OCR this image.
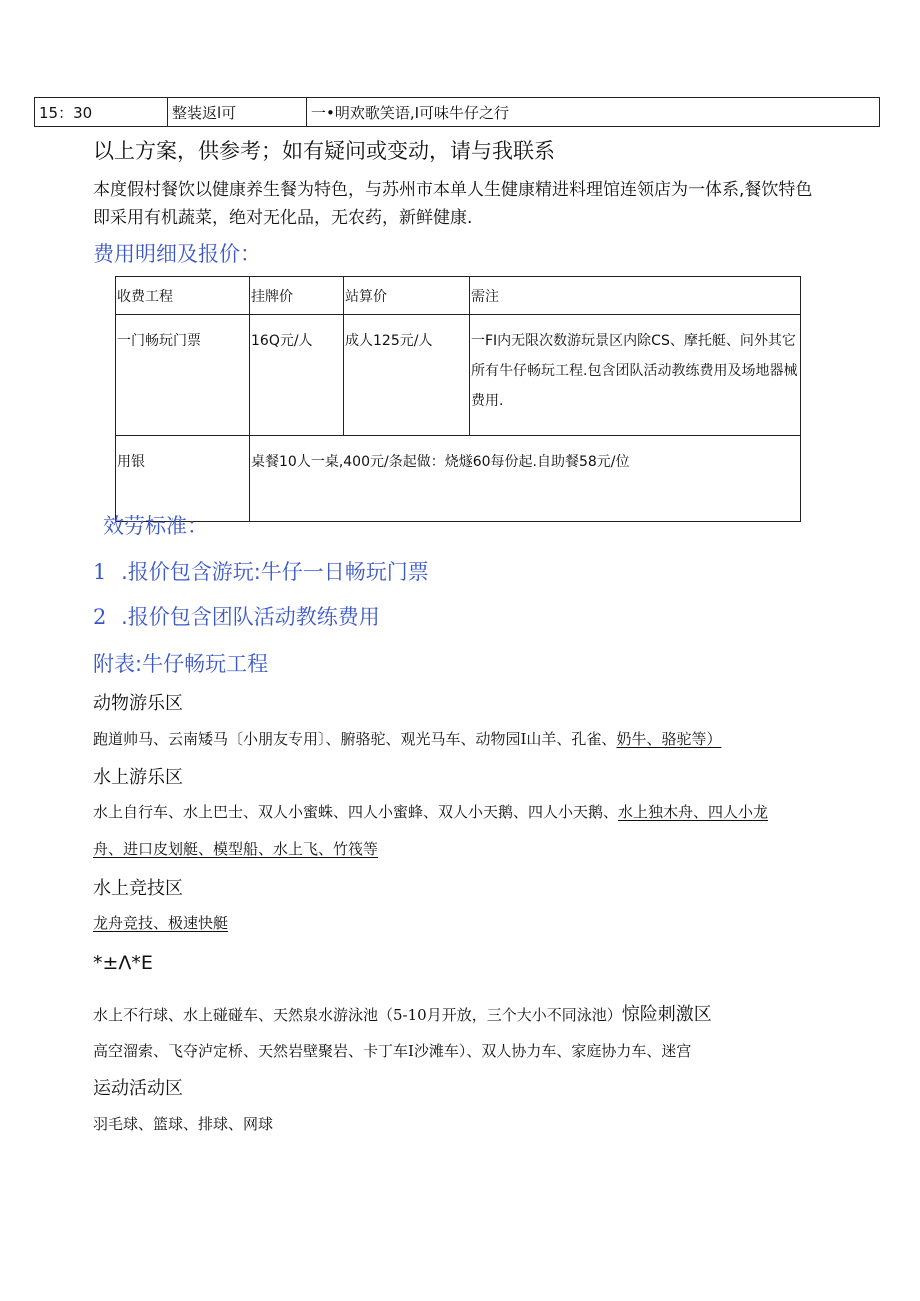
15：30	整装返l可	一•明欢歌笑语,I可味牛仔之行
以上方案，供参考；如有疑问或变动，请与我联系
本度假村餐饮以健康养生餐为特色，与苏州市本单人生健康精进料理馆连领店为一体系,餐饮特色
即采用有机蔬菜，绝对无化品，无农药，新鲜健康.
费用明细及报价：
收费工程	挂牌价	站算价	需注
一门畅玩门票	16Q元/人	成人125元/人	一FI内无限次数游玩景区内除CS、摩托艇、问外其它
所有牛仔畅玩工程.包含团队活动教练费用及场地器械
费用.

用银	桌餐10人一桌,400元/条起做：烧燧60每份起.自助餐58元/位		
效劳标准：
1 .报价包含游玩:牛仔一日畅玩门票
2 .报价包含团队活动教练费用
附表:牛仔畅玩工程
动物游乐区
跑道帅马、云南矮马〔小朋友专用〕、腑骆驼、观光马车、动物园I山羊、孔雀、奶牛、骆驼等）
水上游乐区
水上自行车、水上巴士、双人小蜜蛛、四人小蜜蜂、双人小天鹅、四人小天鹅、水上独木舟、四人小龙
舟、进口皮划艇、模型船、水上飞、竹筏等
水上竞技区
龙舟竞技、极速快艇
*±Λ*E
水上不行球、水上碰碰车、天然泉水游泳池（5-10月开放，三个大小不同泳池）惊险刺激区
高空溜索、飞夺泸定桥、天然岩壁聚岩、卡丁车I沙滩车）、双人协力车、家庭协力车、迷宫
运动活动区
羽毛球、篮球、排球、网球
